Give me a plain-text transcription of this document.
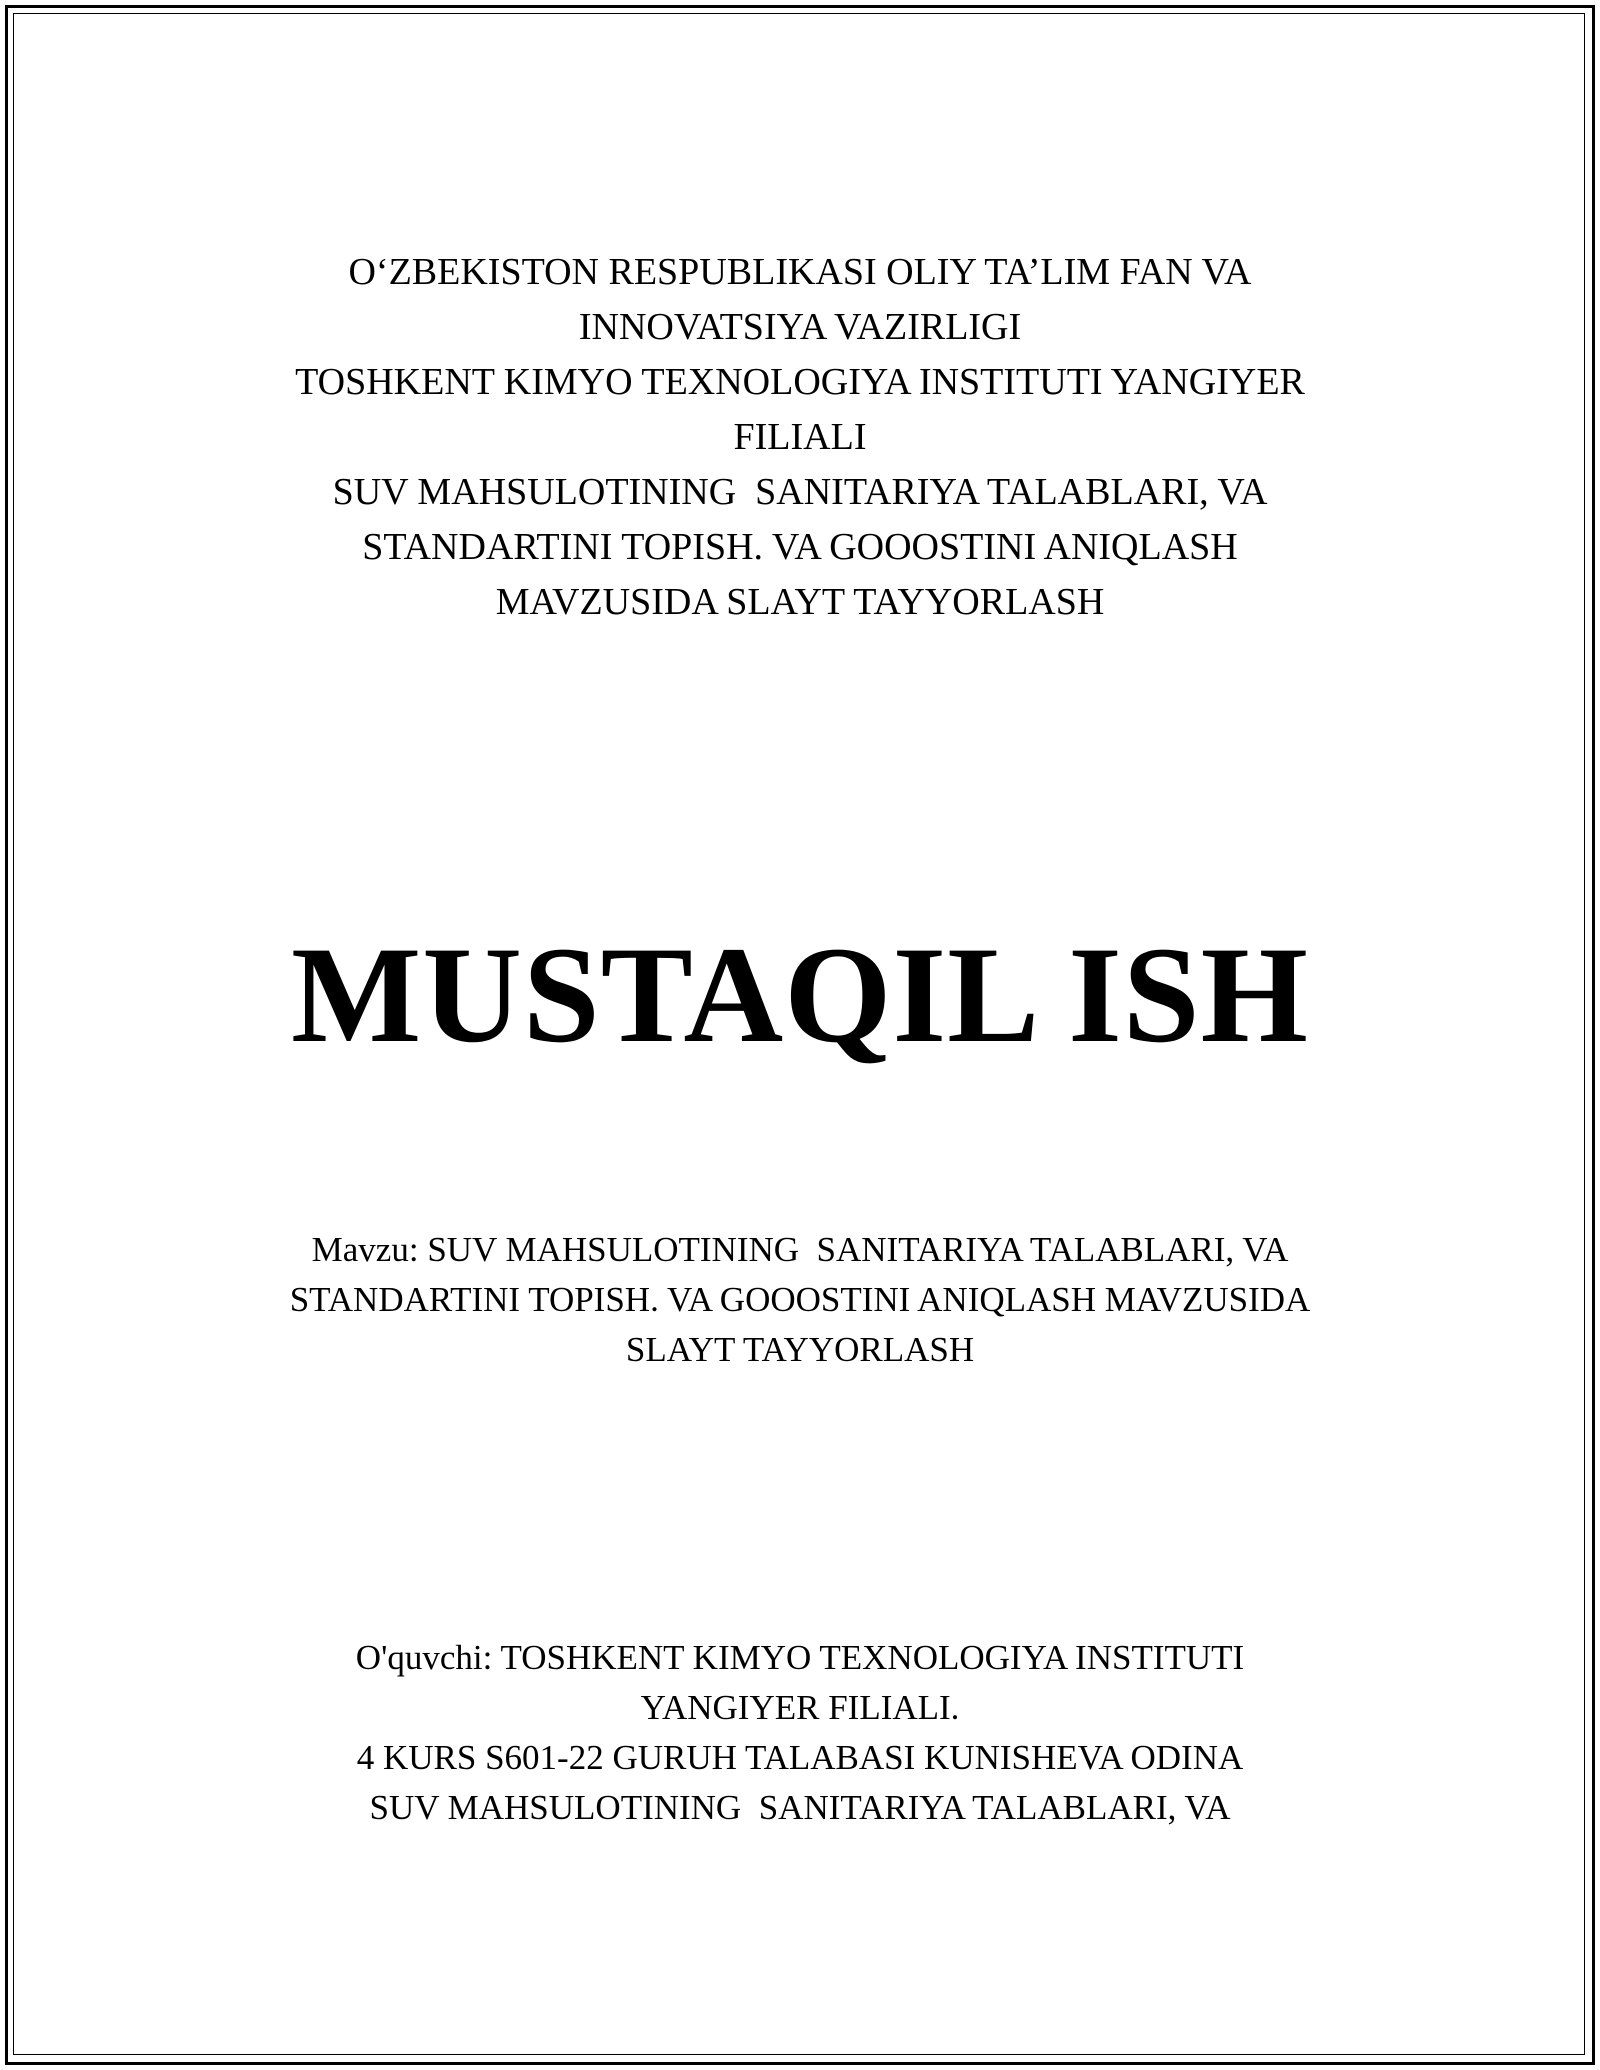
O‘ZBEKISTON RESPUBLIKASI OLIY TA’LIM FAN VA
INNOVATSIYA VAZIRLIGI
TOSHKENT KIMYO TEXNOLOGIYA INSTITUTI YANGIYER
FILIALI
SUV MAHSULOTINING  SANITARIYA TALABLARI, VA
STANDARTINI TOPISH. VA GOOOSTINI ANIQLASH
MAVZUSIDA SLAYT TAYYORLASH
MUSTAQIL ISH
Mavzu: SUV MAHSULOTINING  SANITARIYA TALABLARI, VA
STANDARTINI TOPISH. VA GOOOSTINI ANIQLASH MAVZUSIDA
SLAYT TAYYORLASH
O'quvchi: TOSHKENT KIMYO TEXNOLOGIYA INSTITUTI
YANGIYER FILIALI.
4 KURS S601-22 GURUH TALABASI KUNISHEVA ODINA
SUV MAHSULOTINING  SANITARIYA TALABLARI, VA
